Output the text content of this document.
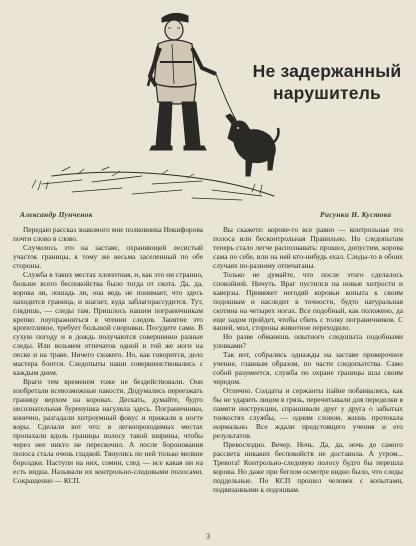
Не задержанный
нарушитель
Александр Пунченок	Рисунки Н. Кустова

Передаю рассказ знакомого мне полковника Никифорова почти слово в слово.

Случилось это на заставе, охраняющей лесистый участок границы, к тому же весьма заселенный по обе стороны.

Служба в таких местах хлопотная, и, как это ни странно, больше всего беспокойства было тогда от скота. Да, да, корова ли, лошадь ли, она ведь не понимает, что здесь находится граница, и шагает, куда заблагорассудится. Тут, глядишь, — следы там. Пришлось нашим пограничникам крепко поупражняться в чтении следов. Занятие это кропотливое, требует большой сноровки. Посудите сами. В сухую погоду и в дождь получаются совершенно разные следы. Или возьмем отпечаток одной и той же ноги на песке и на траве. Ничего схожего. Но, как говорится, дело мастера боится. Следопыты наши совершенствовались с каждым днем.

Враги тем временем тоже не бездействовали. Они изобретали всевозможные пакости. Додумались переезжать границу верхом на коровах. Дескать, думайте, будто несознательная буренушка нагуляла здесь. Пограничники, конечно, разгадали хитроумный фокус и прижали к ногте воры. Сделали вот что: в легкопроходимых местах пропахали вдоль границы полосу такой ширины, чтобы через нее никто не перескочил. А после боронования полоса стала очень гладкой. Тянулись по ней только мелкие бороздки. Наступи на них, сомни, след — все какая ни на есть видна. Называли их контрольно-следовыми полосами. Сокращенно — КСП.

Вы скажете: корове-то все равно — контрольная это полоса или бесконтрольная Правильно. Но следопытам теперь стало легче распознавать: прошел, допустим, корова сама по себе, или на ней кто-нибудь ехал. Следы-то в обоих случаях по-разному отпечатаны.

Только не думайте, что после этого сделалось спокойней. Ничуть. Враг пустился на новые хитрости и каверзы. Привяжет негодяй коровьи копыта к своим подошвам и наследит в точности, будто натуральная скотина на четырех ногах. Все подобный, как положено, да еще задом пройдет, чтобы сбить с толку пограничников. С вашей, мол, стороны животное переходило.

Но разве обманешь опытного следопыта подобными уловками?

Так вот, собрались однажды на заставе проверочное учение, главным образом, по части следопытства. Само собой разумеется, служба по охране границы шла своим чередом.

Отлично. Солдаты и сержанты itайне побаивались, как бы не ударить лицом в грязь, перечитывали для переделки в памяти инструкции, спрашивали друг у друга о забытых тонкостях службы, — одним словом, жизнь протекала нормально. Все ждали предстоящего учения и его результатов.

Превосходно. Вечер. Ночь. Да, да, ночь до самого рассвета никаких беспокойств не доставила. А утром... Тревога! Контрольно-следовую полосу будто бы перешла корова. Но даже при беглом осмотре видно было, что следы поддельные. По КСП прошел человек с копытами, подвязанными к подошвам.

3
